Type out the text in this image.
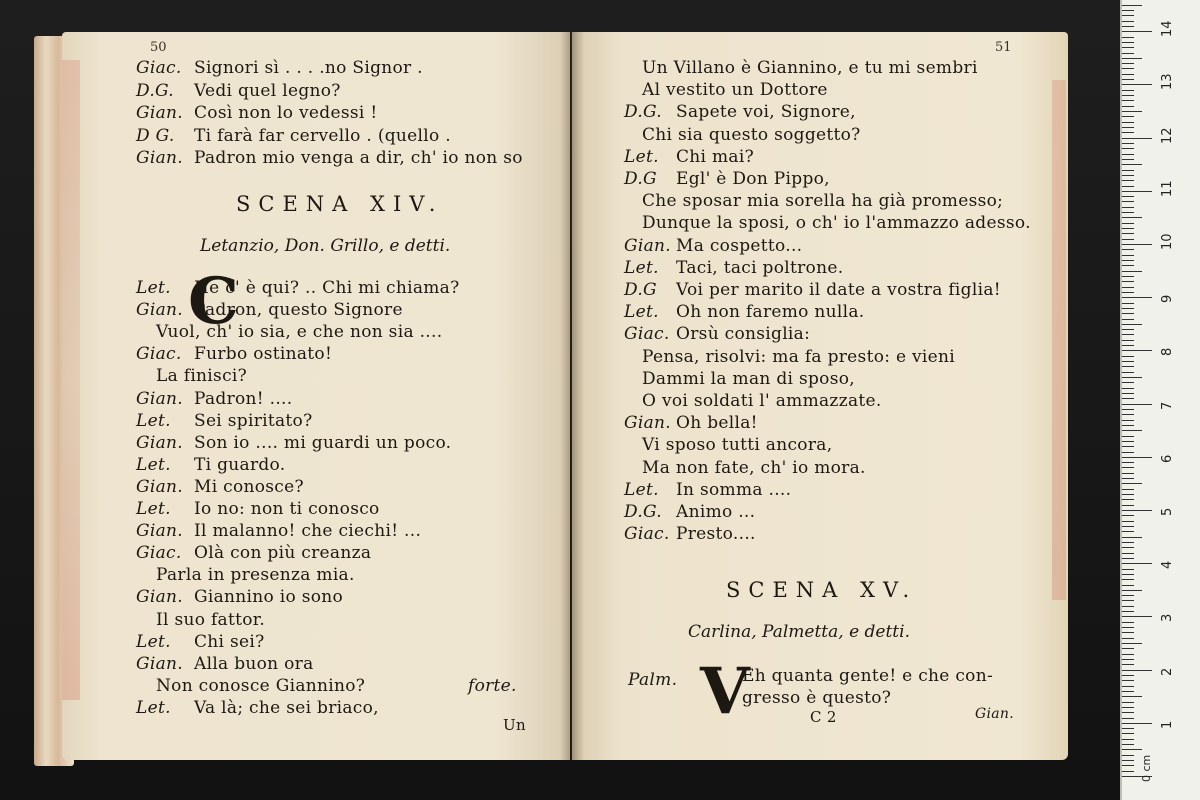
50
Giac. Signori sì . . . .no Signor .
D.G. Vedi quel legno?
Gian. Così non lo vedessi !
D G. Ti farà far cervello . (quello .
Gian. Padron mio venga a dir, ch' io non so
SCENA XIV.
Letanzio, Don. Grillo, e detti.
C
Let. He c' è qui? .. Chi mi chiama?
Gian. Padron, questo Signore
Vuol, ch' io sia, e che non sia ....
Giac. Furbo ostinato!
La finisci?
Gian. Padron! ....
Let. Sei spiritato?
Gian. Son io .... mi guardi un poco.
Let. Ti guardo.
Gian. Mi conosce?
Let. Io no: non ti conosco
Gian. Il malanno! che ciechi! ...
Giac. Olà con più creanza
Parla in presenza mia.
Gian. Giannino io sono
Il suo fattor.
Let. Chi sei?
Gian. Alla buon ora
Non conosce Giannino?
Let. Va là; che sei briaco,
forte.
Un
51
Un Villano è Giannino, e tu mi sembri
Al vestito un Dottore
D.G. Sapete voi, Signore,
Chi sia questo soggetto?
Let. Chi mai?
D.G Egl' è Don Pippo,
Che sposar mia sorella ha già promesso;
Dunque la sposi, o ch' io l'ammazzo adesso.
Gian. Ma cospetto...
Let. Taci, taci poltrone.
D.G Voi per marito il date a vostra figlia!
Let. Oh non faremo nulla.
Giac. Orsù consiglia:
Pensa, risolvi: ma fa presto: e vieni
Dammi la man di sposo,
O voi soldati l' ammazzate.
Gian. Oh bella!
Vi sposo tutti ancora,
Ma non fate, ch' io mora.
Let. In somma ....
D.G. Animo ...
Giac. Presto....
SCENA XV.
Carlina, Palmetta, e detti.
Palm. V
Eh quanta gente! e che con-
gresso è questo?
C 2	Gian.
1
2
3
4
5
6
7
8
9
10
11
12
13
14
0 cm
